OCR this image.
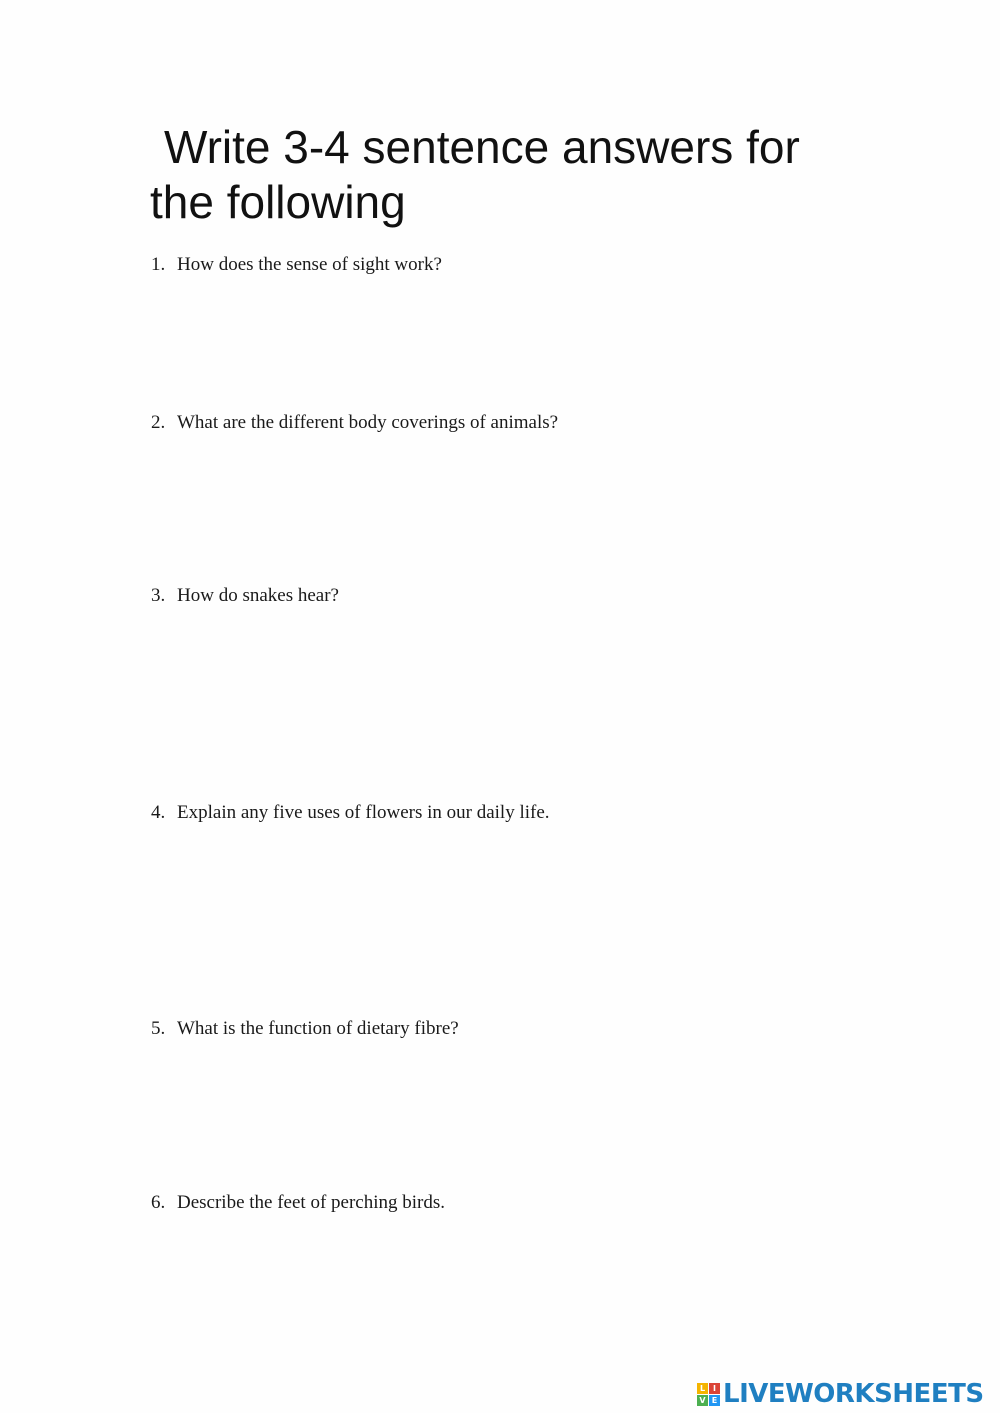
Write 3-4 sentence answers for
the following
1. How does the sense of sight work?
2. What are the different body coverings of animals?
3. How do snakes hear?
4. Explain any five uses of flowers in our daily life.
5. What is the function of dietary fibre?
6. Describe the feet of perching birds.
L I
V E LIVEWORKSHEETS
